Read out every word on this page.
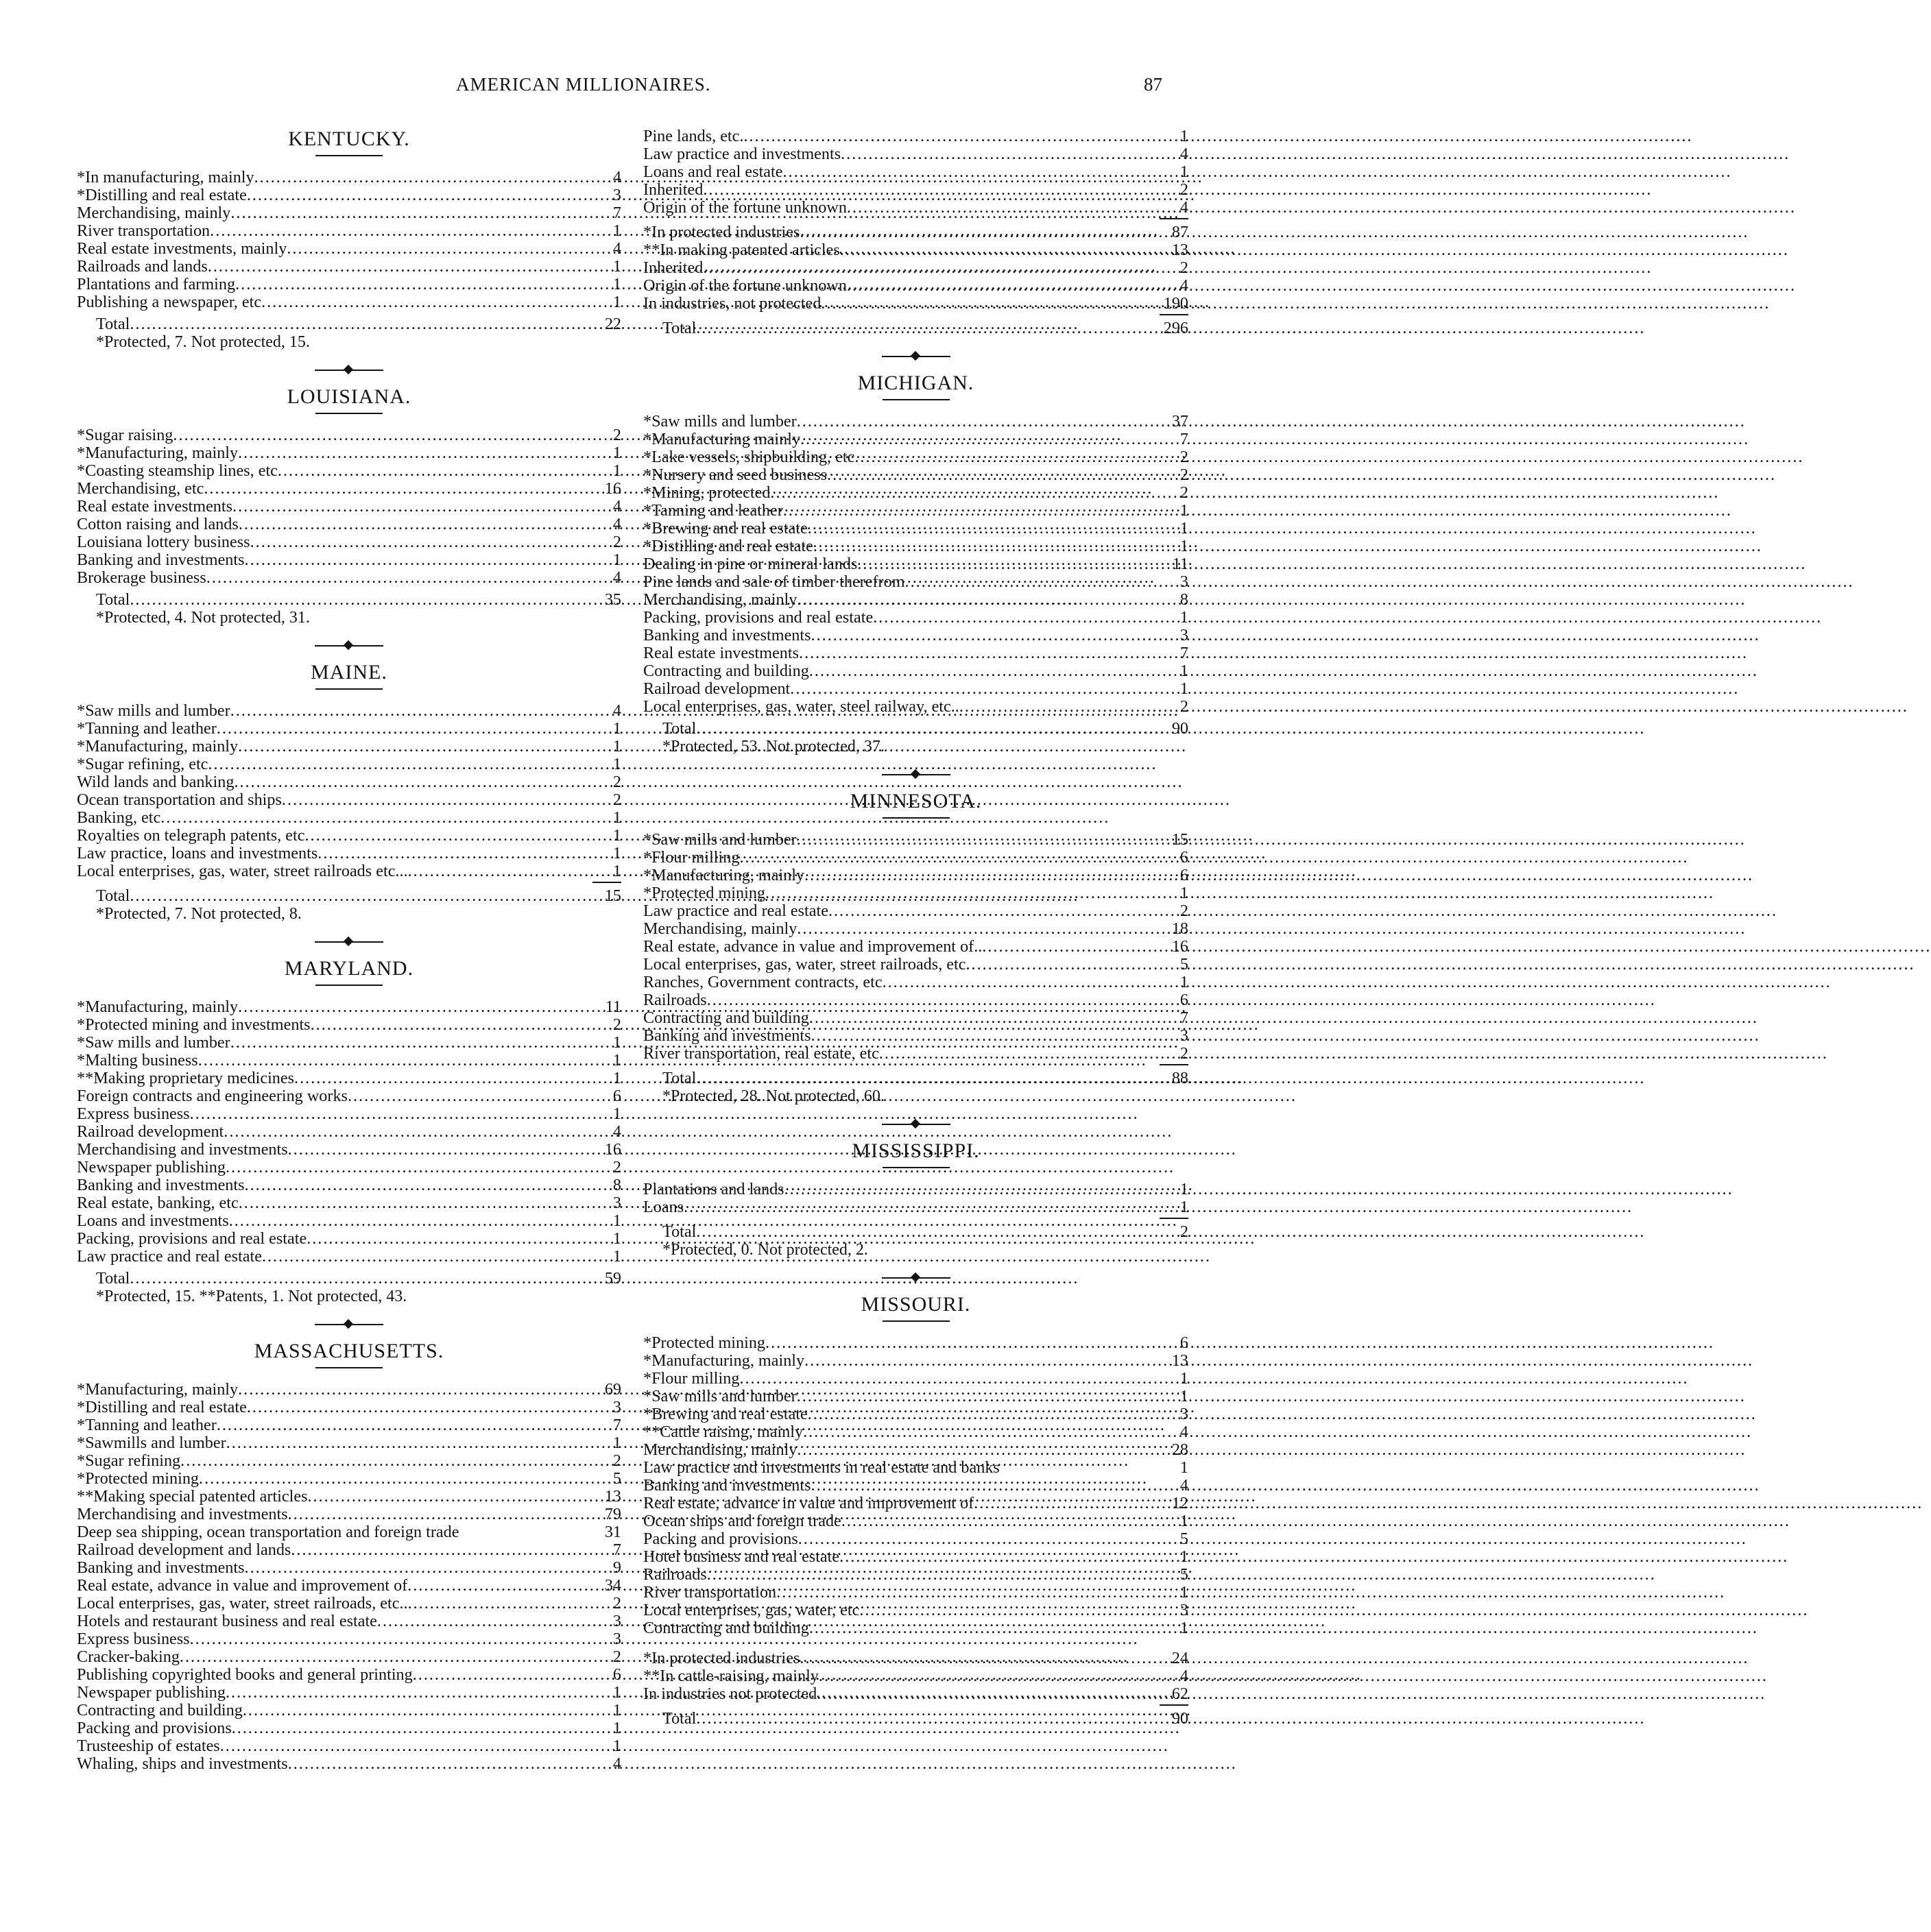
AMERICAN MILLIONAIRES.	87
KENTUCKY.
*In manufacturing, mainly .....	4
*Distilling and real estate .....	3
Merchandising, mainly .....	7
River transportation .....	1
Real estate investments, mainly .....	4
Railroads and lands .....	1
Plantations and farming .....	1
Publishing a newspaper, etc .....	1
Total .....	22
*Protected, 7. Not protected, 15.
LOUISIANA.
*Sugar raising .....	2
*Manufacturing, mainly .....	1
*Coasting steamship lines, etc .....	1
Merchandising, etc .....	16
Real estate investments .....	4
Cotton raising and lands .....	4
Louisiana lottery business .....	2
Banking and investments .....	1
Brokerage business .....	4
Total .....	35
*Protected, 4. Not protected, 31.
MAINE.
*Saw mills and lumber .....	4
*Tanning and leather .....	1
*Manufacturing, mainly .....	1
*Sugar refining, etc .....	1
Wild lands and banking .....	2
Ocean transportation and ships .....	2
Banking, etc .....	1
Royalties on telegraph patents, etc .....	1
Law practice, loans and investments .....	1
Local enterprises, gas, water, street railroads etc... .....	1
Total .....	15
*Protected, 7. Not protected, 8.
MARYLAND.
*Manufacturing, mainly .....	11
*Protected mining and investments .....	2
*Saw mills and lumber .....	1
*Malting business .....	1
**Making proprietary medicines .....	1
Foreign contracts and engineering works .....	6
Express business .....	1
Railroad development .....	4
Merchandising and investments .....	16
Newspaper publishing .....	2
Banking and investments .....	8
Real estate, banking, etc .....	3
Loans and investments .....	1
Packing, provisions and real estate .....	1
Law practice and real estate .....	1
Total .....	59
*Protected, 15. **Patents, 1. Not protected, 43.
MASSACHUSETTS.
*Manufacturing, mainly .....	69
*Distilling and real estate .....	3
*Tanning and leather .....	7
*Sawmills and lumber .....	1
*Sugar refining .....	2
*Protected mining .....	5
**Making special patented articles .....	13
Merchandising and investments .....	79
Deep sea shipping, ocean transportation and foreign trade	31
Railroad development and lands .....	7
Banking and investments .....	9
Real estate, advance in value and improvement of .....	34
Local enterprises, gas, water, street railroads, etc.. .....	2
Hotels and restaurant business and real estate .....	3
Express business .....	3
Cracker-baking .....	2
Publishing copyrighted books and general printing .....	6
Newspaper publishing .....	1
Contracting and building .....	1
Packing and provisions .....	1
Trusteeship of estates .....	1
Whaling, ships and investments .....	4
Pine lands, etc. .....	1
Law practice and investments .....	4
Loans and real estate .....	1
Inherited .....	2
Origin of the fortune unknown .....	4
*In protected industries .....	87
**In making patented articles .....	13
Inherited .....	2
Origin of the fortune unknown .....	4
In industries, not protected .....	190
Total .....	296
MICHIGAN.
*Saw mills and lumber .....	37
*Manufacturing mainly .....	7
*Lake vessels, shipbuilding, etc .....	2
*Nursery and seed business .....	2
*Mining, protected .....	2
*Tanning and leather .....	1
*Brewing and real estate .....	1
*Distilling and real estate .....	1
Dealing in pine or mineral lands .....	11
Pine lands and sale of timber therefrom .....	3
Merchandising, mainly .....	8
Packing, provisions and real estate .....	1
Banking and investments .....	3
Real estate investments .....	7
Contracting and building .....	1
Railroad development .....	1
Local enterprises, gas, water, steel railway, etc.. .....	2
Total .....	90
*Protected, 53. Not protected, 37.
MINNESOTA.
*Saw mills and lumber .....	15
*Flour milling .....	6
*Manufacturing, mainly .....	6
*Protected mining .....	1
Law practice and real estate .....	2
Merchandising, mainly .....	18
Real estate, advance in value and improvement of.. .....	16
Local enterprises, gas, water, street railroads, etc .....	5
Ranches, Government contracts, etc .....	1
Railroads .....	6
Contracting and building .....	7
Banking and investments .....	3
River transportation, real estate, etc .....	2
Total .....	88
*Protected, 28. Not protected, 60.
MISSISSIPPI.
Plantations and lands .....	1
Loans .....	1
Total .....	2
*Protected, 0. Not protected, 2.
MISSOURI.
*Protected mining .....	6
*Manufacturing, mainly .....	13
*Flour milling .....	1
*Saw mills and lumber .....	1
*Brewing and real estate .....	3
**Cattle raising, mainly .....	4
Merchandising, mainly .....	28
Law practice and investments in real estate and banks	1
Banking and investments .....	4
Real estate, advance in value and improvement of .....	12
Ocean ships and foreign trade .....	1
Packing and provisions .....	5
Hotel business and real estate .....	1
Railroads .....	5
River transportation .....	1
Local enterprises, gas, water, etc .....	3
Contracting and building .....	1
*In protected industries .....	24
**In cattle-raising, mainly .....	4
In industries not protected .....	62
Total .....	90
